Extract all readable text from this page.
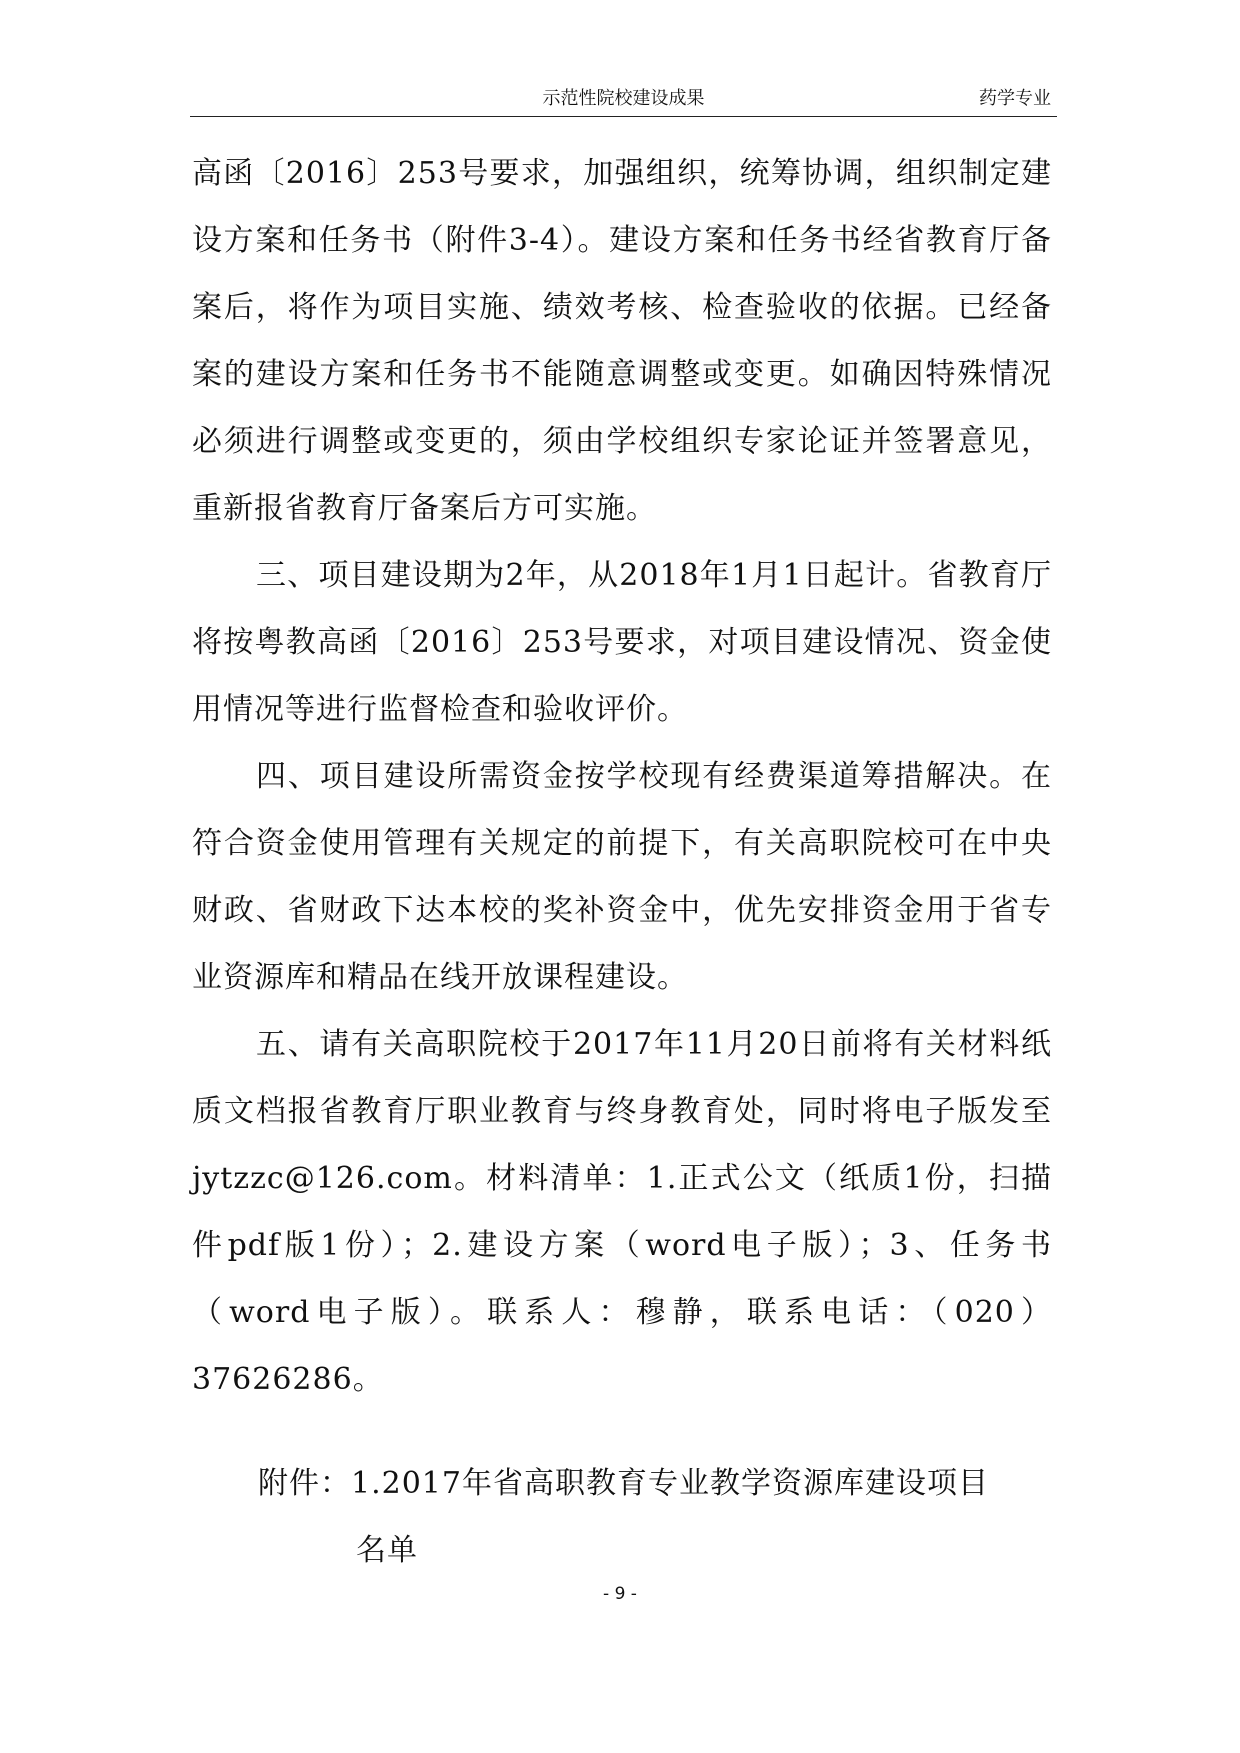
示范性院校建设成果	药学专业

高函〔2016〕253号要求，加强组织，统筹协调，组织制定建设方案和任务书（附件3-4）。建设方案和任务书经省教育厅备案后，将作为项目实施、绩效考核、检查验收的依据。已经备案的建设方案和任务书不能随意调整或变更。如确因特殊情况必须进行调整或变更的，须由学校组织专家论证并签署意见，重新报省教育厅备案后方可实施。

三、项目建设期为2年，从2018年1月1日起计。省教育厅将按粤教高函〔2016〕253号要求，对项目建设情况、资金使用情况等进行监督检查和验收评价。

四、项目建设所需资金按学校现有经费渠道筹措解决。在符合资金使用管理有关规定的前提下，有关高职院校可在中央财政、省财政下达本校的奖补资金中，优先安排资金用于省专业资源库和精品在线开放课程建设。

五、请有关高职院校于2017年11月20日前将有关材料纸质文档报省教育厅职业教育与终身教育处，同时将电子版发至jytzzc@126.com。材料清单：1.正式公文（纸质1份，扫描件pdf版1份）；2.建设方案（word电子版）；3、任务书（word电子版）。联系人：穆静，联系电话：（020）37626286。

附件：1.2017年省高职教育专业教学资源库建设项目
名单
- 9 -
